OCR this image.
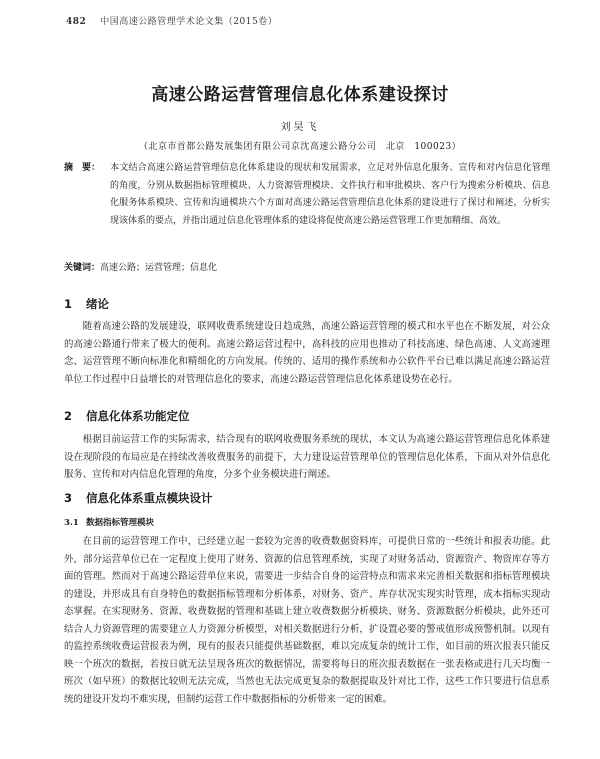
482 中国高速公路管理学术论文集（2015卷）
高速公路运营管理信息化体系建设探讨
刘昊飞
（北京市首都公路发展集团有限公司京沈高速公路分公司　北京　100023）
摘　要： 本文结合高速公路运营管理信息化体系建设的现状和发展需求，立足对外信息化服务、宣传和对内信息化管理的角度，分别从数据指标管理模块、人力资源管理模块、文件执行和审批模块、客户行为搜索分析模块、信息化服务体系模块、宣传和沟通模块六个方面对高速公路运营管理信息化体系的建设进行了探讨和阐述，分析实现该体系的要点，并指出通过信息化管理体系的建设将促使高速公路运营管理工作更加精细、高效。
关键词：高速公路；运营管理；信息化
1 绪论

随着高速公路的发展建设，联网收费系统建设日趋成熟，高速公路运营管理的模式和水平也在不断发展，对公众的高速公路通行带来了极大的便利。高速公路运营过程中，高科技的应用也推动了科技高速、绿色高速、人文高速理念、运营管理不断向标准化和精细化的方向发展。传统的、适用的操作系统和办公软件平台已难以满足高速公路运营单位工作过程中日益增长的对管理信息化的要求，高速公路运营管理信息化体系建设势在必行。

2 信息化体系功能定位

根据目前运营工作的实际需求，结合现有的联网收费服务系统的现状，本文认为高速公路运营管理信息化体系建设在现阶段的布局应是在持续改善收费服务的前提下，大力建设运营管理单位的管理信息化体系，下面从对外信息化服务、宣传和对内信息化管理的角度，分多个业务模块进行阐述。

3 信息化体系重点模块设计
3.1 数据指标管理模块

在目前的运营管理工作中，已经建立起一套较为完善的收费数据资料库，可提供日常的一些统计和报表功能。此外，部分运营单位已在一定程度上使用了财务、资源的信息管理系统，实现了对财务活动、资源资产、物资库存等方面的管理。然而对于高速公路运营单位来说，需要进一步结合自身的运营特点和需求来完善相关数据和指标管理模块的建设，并形成具有自身特色的数据指标管理和分析体系，对财务、资产、库存状况实现实时管理，成本指标实现动态掌握。在实现财务、资源、收费数据的管理和基础上建立收费数据分析模块、财务、资源数据分析模块，此外还可结合人力资源管理的需要建立人力资源分析模型，对相关数据进行分析，扩设置必要的警戒值形成预警机制。以现有的监控系统收费运营报表为例，现有的报表只能提供基础数据，难以完成复杂的统计工作，如目前的班次报表只能反映一个班次的数据，若按日就无法呈现各班次的数据情况，需要将每日的班次报表数据在一张表格或进行几天均衡一班次（如早班）的数据比较则无法完成，当然也无法完成更复杂的数据提取及针对比工作，这些工作只要进行信息系统的建设开发均不难实现，但制约运营工作中数据指标的分析带来一定的困难。
